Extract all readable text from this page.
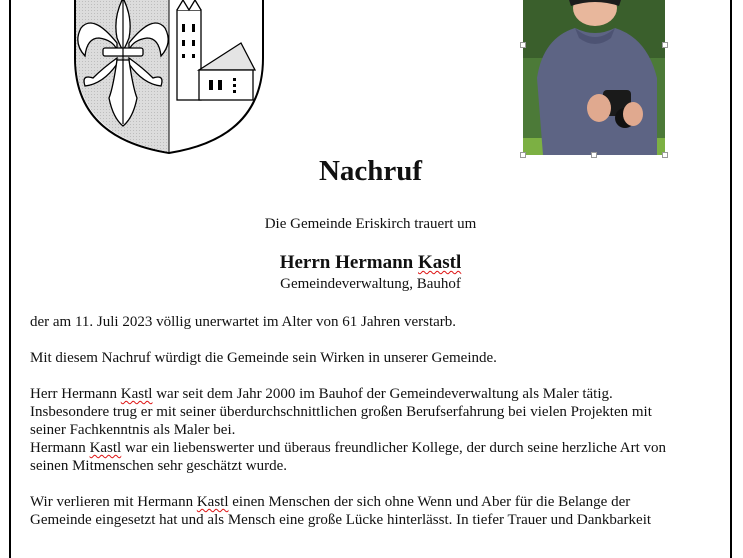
Nachruf
Die Gemeinde Eriskirch trauert um
Herrn Hermann Kastl
Gemeindeverwaltung, Bauhof

der am 11. Juli 2023 völlig unerwartet im Alter von 61 Jahren verstarb.

Mit diesem Nachruf würdigt die Gemeinde sein Wirken in unserer Gemeinde.

Herr Hermann Kastl war seit dem Jahr 2000 im Bauhof der Gemeindeverwaltung als Maler tätig.
Insbesondere trug er mit seiner überdurchschnittlichen großen Berufserfahrung bei vielen Projekten mit
seiner Fachkenntnis als Maler bei.
Hermann Kastl war ein liebenswerter und überaus freundlicher Kollege, der durch seine herzliche Art von
seinen Mitmenschen sehr geschätzt wurde.

Wir verlieren mit Hermann Kastl einen Menschen der sich ohne Wenn und Aber für die Belange der
Gemeinde eingesetzt hat und als Mensch eine große Lücke hinterlässt. In tiefer Trauer und Dankbarkeit
